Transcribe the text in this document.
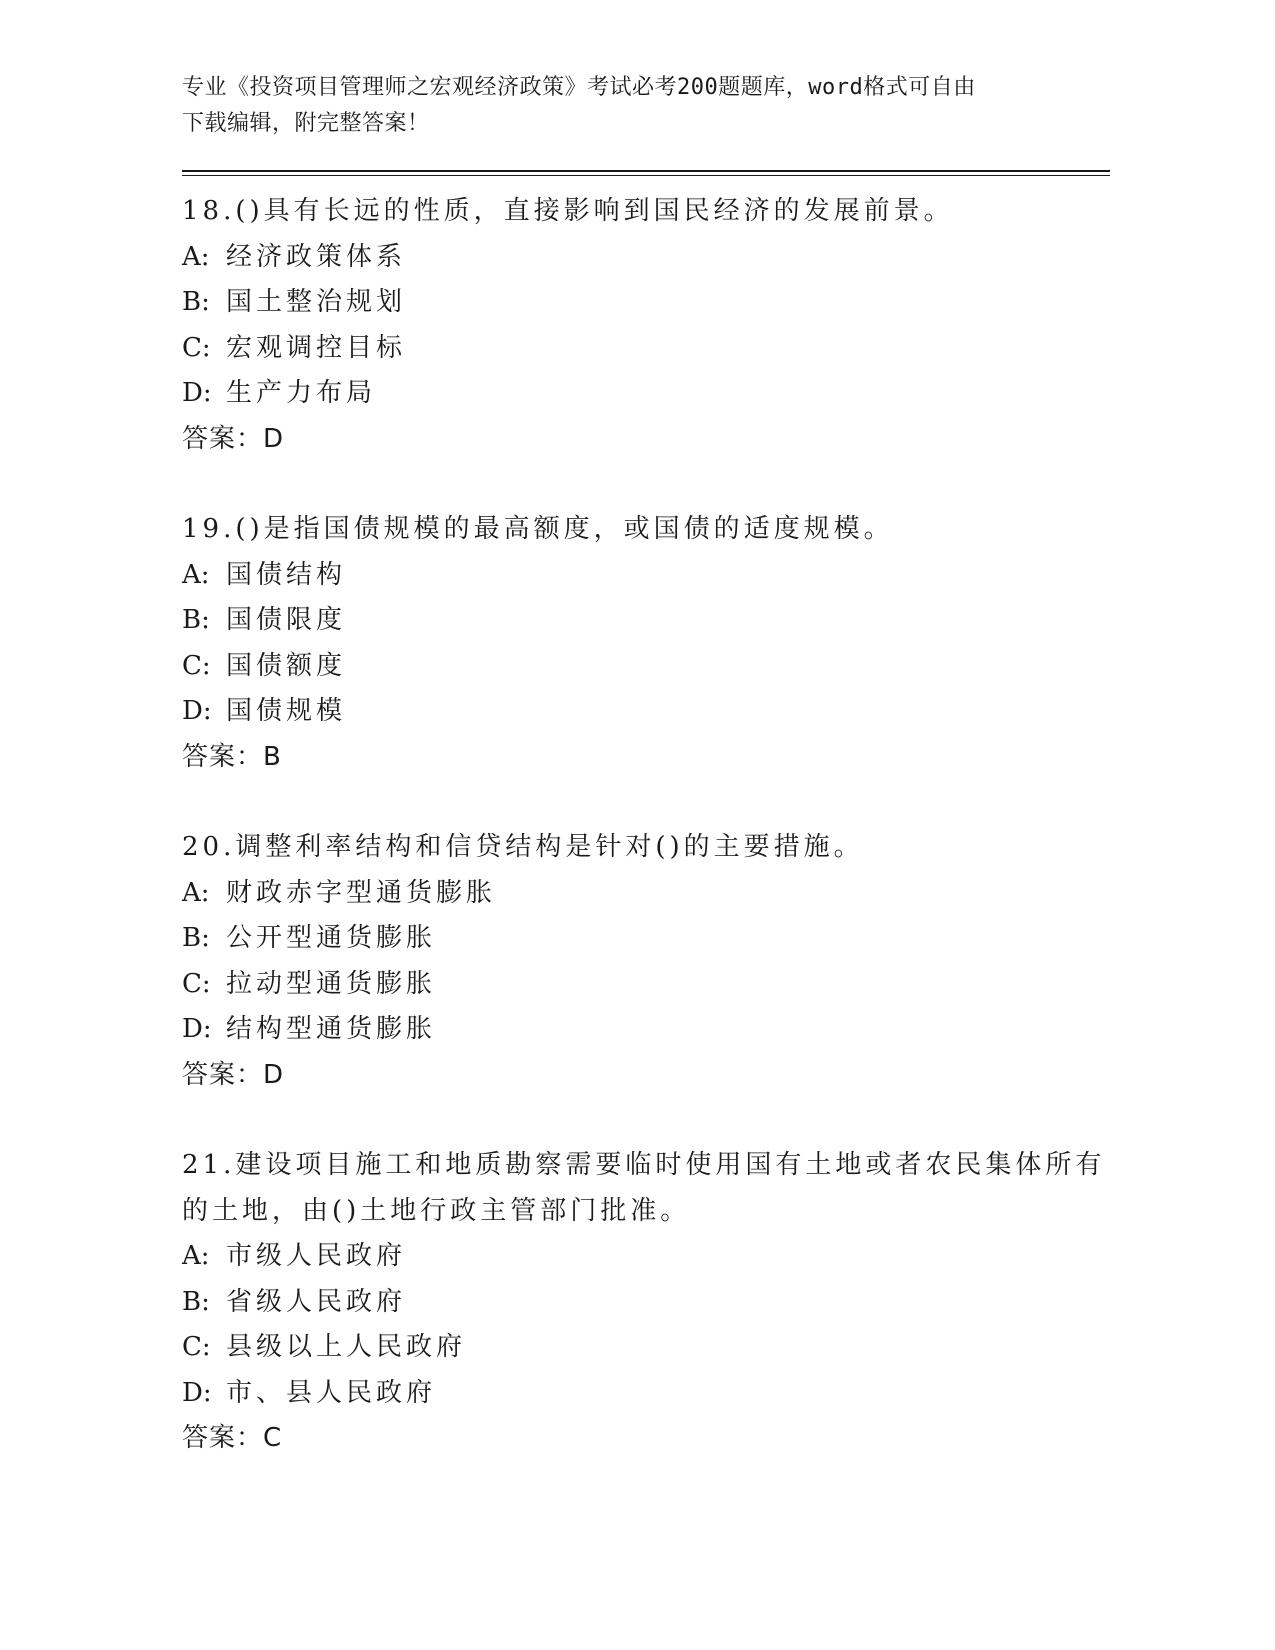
专业《投资项目管理师之宏观经济政策》考试必考200题题库，word格式可自由
下载编辑，附完整答案！
18.()具有长远的性质，直接影响到国民经济的发展前景。
A: 经济政策体系
B: 国土整治规划
C: 宏观调控目标
D: 生产力布局
答案：D
19.()是指国债规模的最高额度，或国债的适度规模。
A: 国债结构
B: 国债限度
C: 国债额度
D: 国债规模
答案：B
20.调整利率结构和信贷结构是针对()的主要措施。
A: 财政赤字型通货膨胀
B: 公开型通货膨胀
C: 拉动型通货膨胀
D: 结构型通货膨胀
答案：D
21.建设项目施工和地质勘察需要临时使用国有土地或者农民集体所有
的土地，由()土地行政主管部门批准。
A: 市级人民政府
B: 省级人民政府
C: 县级以上人民政府
D: 市、县人民政府
答案：C
